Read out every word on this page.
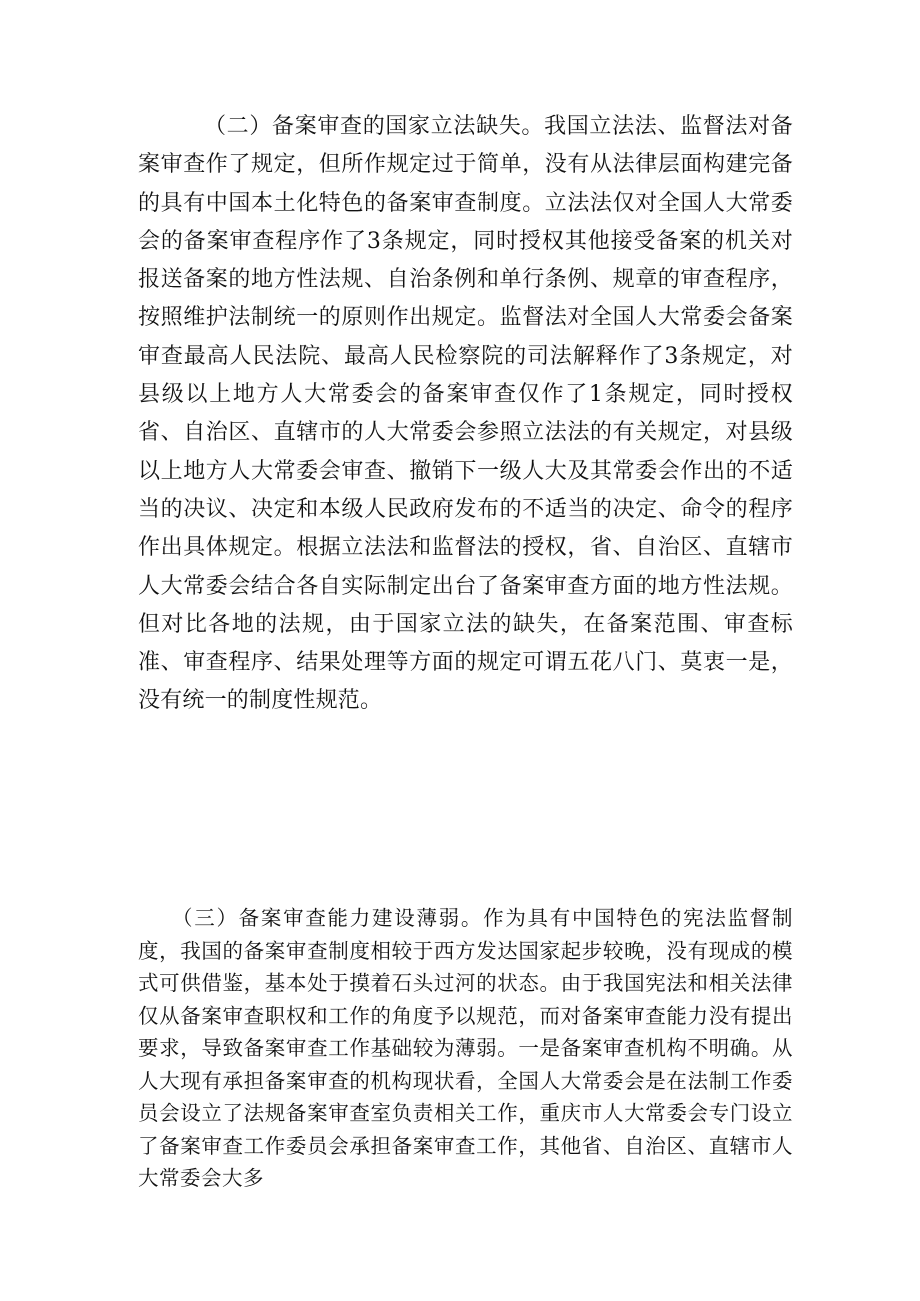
（二）备案审查的国家立法缺失。我国立法法、监督法对备案审查作了规定，但所作规定过于简单，没有从法律层面构建完备的具有中国本土化特色的备案审查制度。立法法仅对全国人大常委会的备案审查程序作了3条规定，同时授权其他接受备案的机关对报送备案的地方性法规、自治条例和单行条例、规章的审查程序，按照维护法制统一的原则作出规定。监督法对全国人大常委会备案审查最高人民法院、最高人民检察院的司法解释作了3条规定，对县级以上地方人大常委会的备案审查仅作了1条规定，同时授权省、自治区、直辖市的人大常委会参照立法法的有关规定，对县级以上地方人大常委会审查、撤销下一级人大及其常委会作出的不适当的决议、决定和本级人民政府发布的不适当的决定、命令的程序作出具体规定。根据立法法和监督法的授权，省、自治区、直辖市人大常委会结合各自实际制定出台了备案审查方面的地方性法规。但对比各地的法规，由于国家立法的缺失，在备案范围、审查标准、审查程序、结果处理等方面的规定可谓五花八门、莫衷一是，没有统一的制度性规范。

（三）备案审查能力建设薄弱。作为具有中国特色的宪法监督制度，我国的备案审查制度相较于西方发达国家起步较晚，没有现成的模式可供借鉴，基本处于摸着石头过河的状态。由于我国宪法和相关法律仅从备案审查职权和工作的角度予以规范，而对备案审查能力没有提出要求，导致备案审查工作基础较为薄弱。一是备案审查机构不明确。从人大现有承担备案审查的机构现状看，全国人大常委会是在法制工作委员会设立了法规备案审查室负责相关工作，重庆市人大常委会专门设立了备案审查工作委员会承担备案审查工作，其他省、自治区、直辖市人大常委会大多
